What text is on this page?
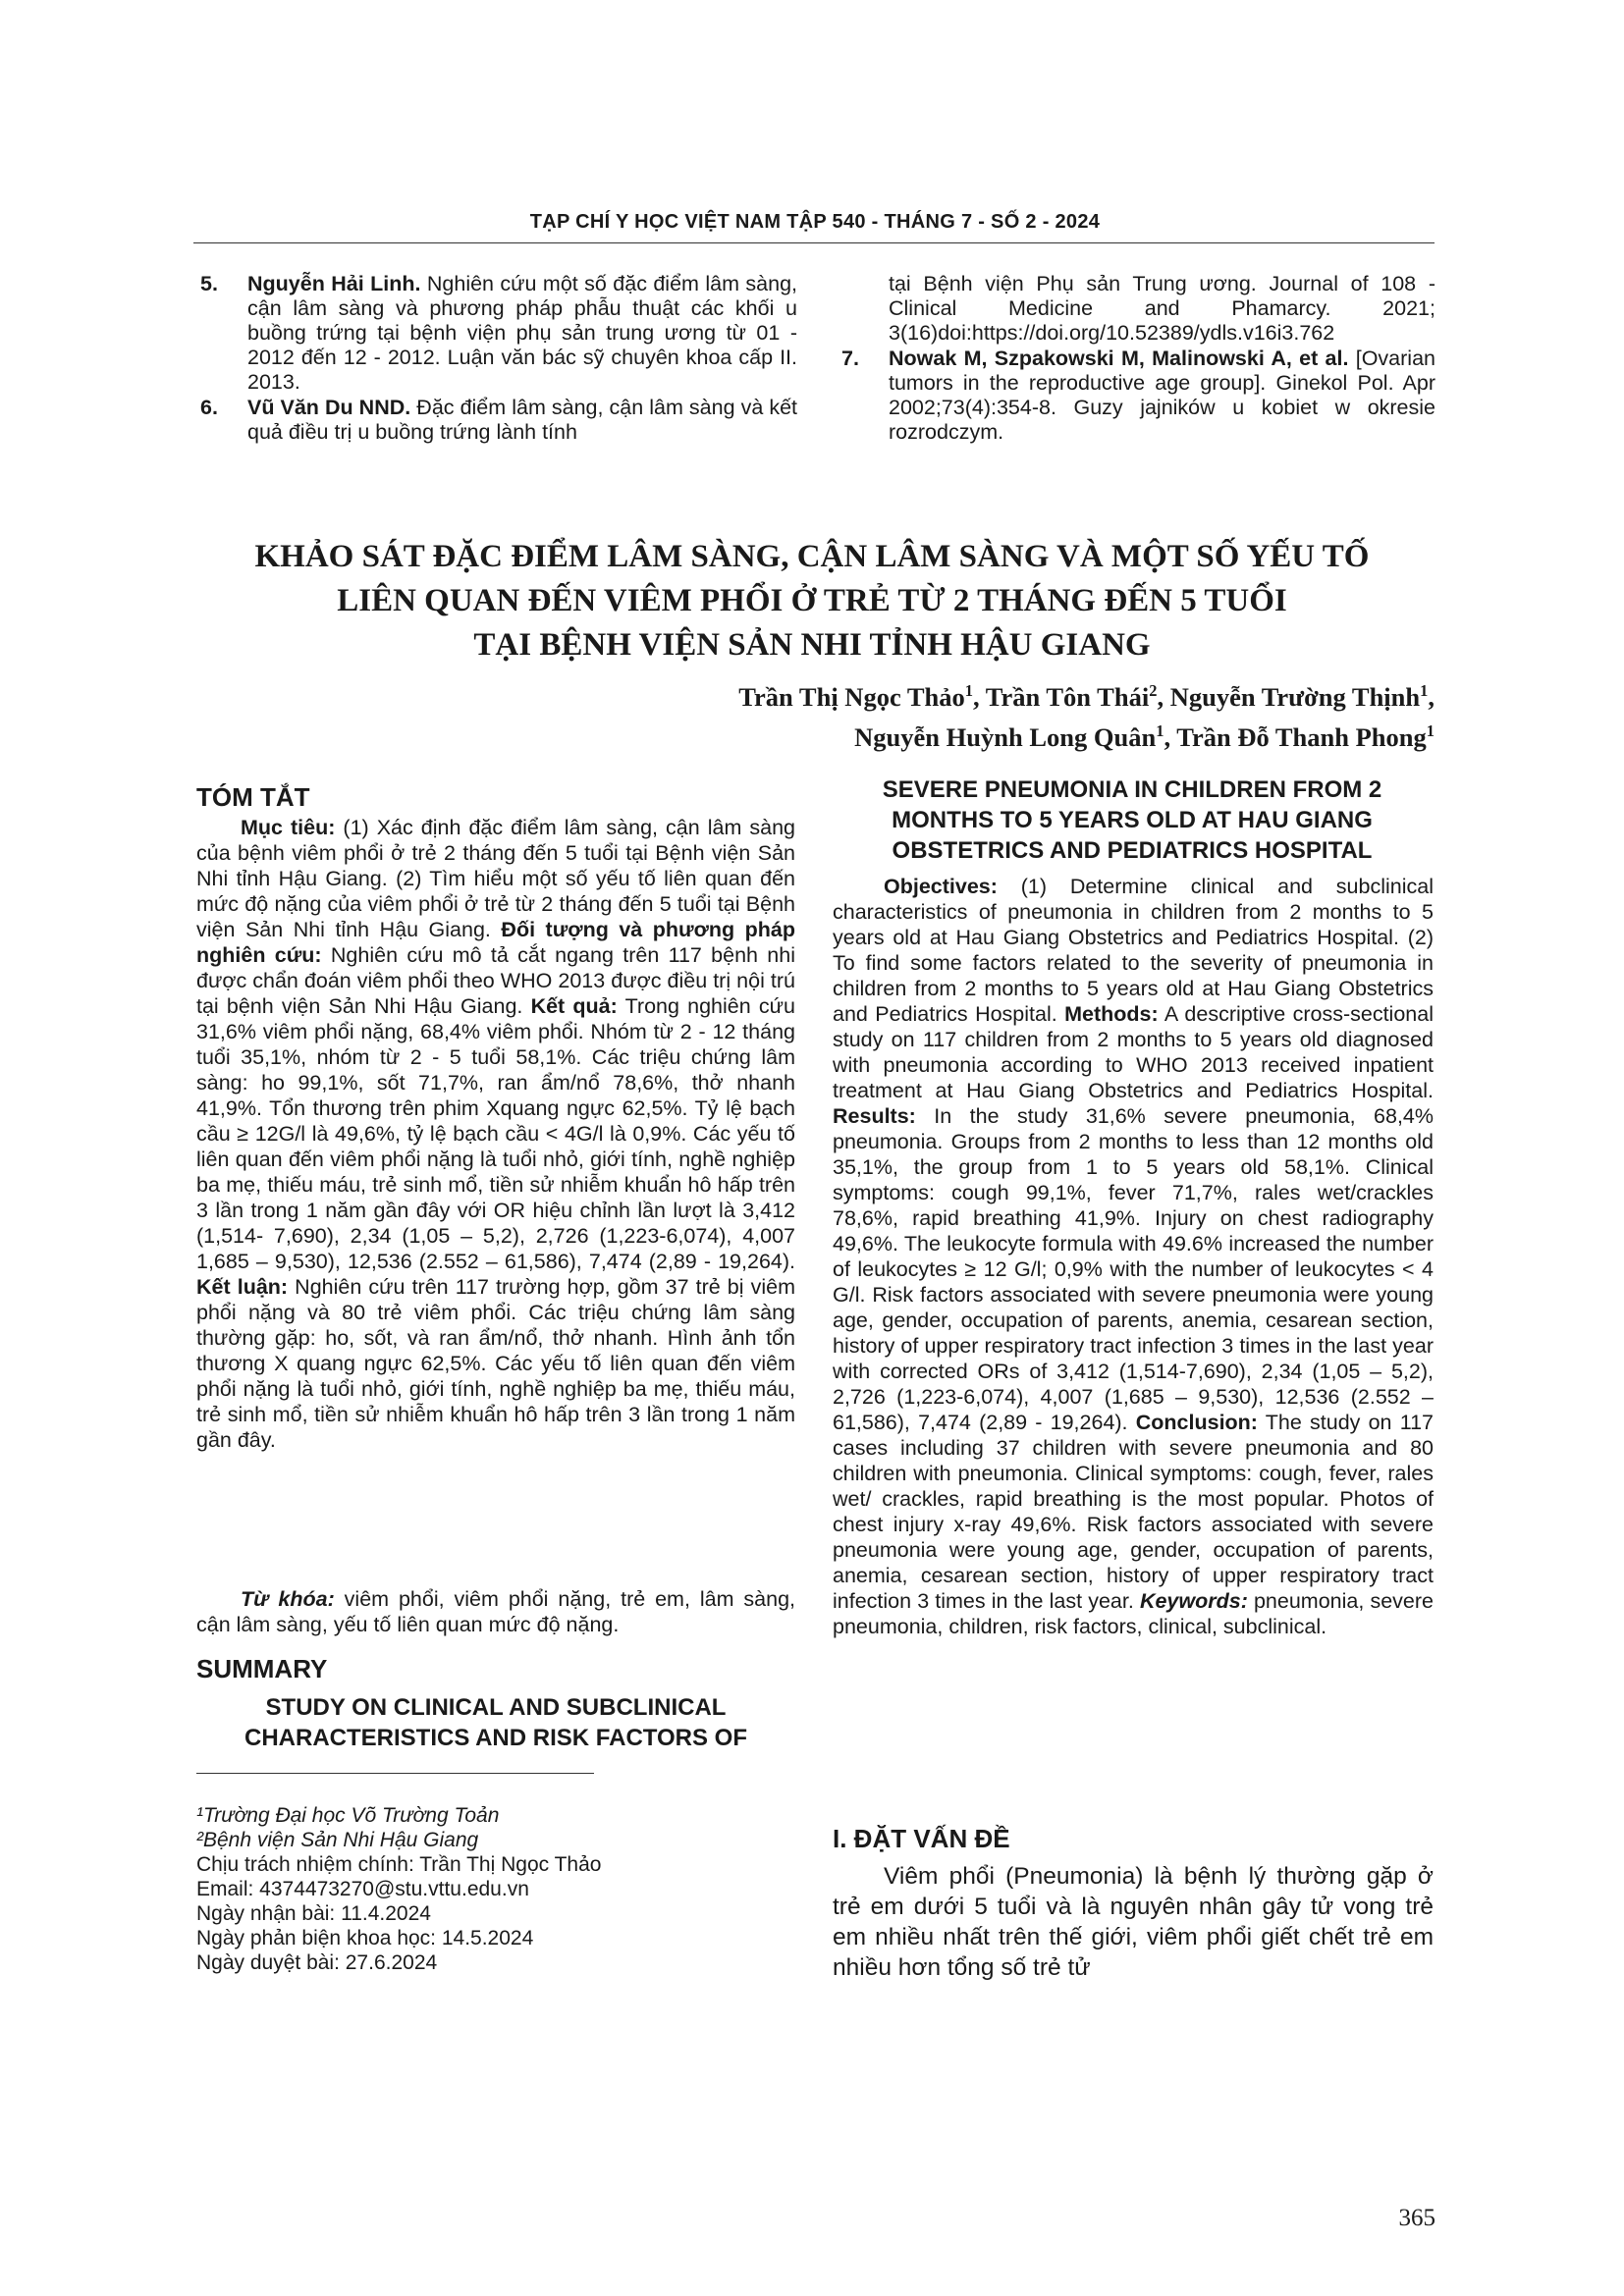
TẠP CHÍ Y HỌC VIỆT NAM TẬP 540 - THÁNG 7 - SỐ 2 - 2024
5. Nguyễn Hải Linh. Nghiên cứu một số đặc điểm lâm sàng, cận lâm sàng và phương pháp phẫu thuật các khối u buồng trứng tại bệnh viện phụ sản trung ương từ 01 - 2012 đến 12 - 2012. Luận văn bác sỹ chuyên khoa cấp II. 2013.
6. Vũ Văn Du NND. Đặc điểm lâm sàng, cận lâm sàng và kết quả điều trị u buồng trứng lành tính
tại Bệnh viện Phụ sản Trung ương. Journal of 108 - Clinical Medicine and Phamarcy. 2021; 3(16)doi:https://doi.org/10.52389/ydls.v16i3.762
7. Nowak M, Szpakowski M, Malinowski A, et al. [Ovarian tumors in the reproductive age group]. Ginekol Pol. Apr 2002;73(4):354-8. Guzy jajników u kobiet w okresie rozrodczym.
KHẢO SÁT ĐẶC ĐIỂM LÂM SÀNG, CẬN LÂM SÀNG VÀ MỘT SỐ YẾU TỐ
LIÊN QUAN ĐẾN VIÊM PHỔI Ở TRẺ TỪ 2 THÁNG ĐẾN 5 TUỔI
TẠI BỆNH VIỆN SẢN NHI TỈNH HẬU GIANG
Trần Thị Ngọc Thảo$^1$, Trần Tôn Thái$^2$, Nguyễn Trường Thịnh$^1$,
Nguyễn Huỳnh Long Quân$^1$, Trần Đỗ Thanh Phong$^1$
TÓM TẮT
Mục tiêu: (1) Xác định đặc điểm lâm sàng, cận lâm sàng của bệnh viêm phổi ở trẻ 2 tháng đến 5 tuổi tại Bệnh viện Sản Nhi tỉnh Hậu Giang. (2) Tìm hiểu một số yếu tố liên quan đến mức độ nặng của viêm phổi ở trẻ từ 2 tháng đến 5 tuổi tại Bệnh viện Sản Nhi tỉnh Hậu Giang. Đối tượng và phương pháp nghiên cứu: Nghiên cứu mô tả cắt ngang trên 117 bệnh nhi được chẩn đoán viêm phổi theo WHO 2013 được điều trị nội trú tại bệnh viện Sản Nhi Hậu Giang. Kết quả: Trong nghiên cứu 31,6% viêm phổi nặng, 68,4% viêm phổi. Nhóm từ 2 - 12 tháng tuổi 35,1%, nhóm từ 2 - 5 tuổi 58,1%. Các triệu chứng lâm sàng: ho 99,1%, sốt 71,7%, ran ẩm/nổ 78,6%, thở nhanh 41,9%. Tổn thương trên phim Xquang ngực 62,5%. Tỷ lệ bạch cầu ≥ 12G/l là 49,6%, tỷ lệ bạch cầu < 4G/l là 0,9%. Các yếu tố liên quan đến viêm phổi nặng là tuổi nhỏ, giới tính, nghề nghiệp ba mẹ, thiếu máu, trẻ sinh mổ, tiền sử nhiễm khuẩn hô hấp trên 3 lần trong 1 năm gần đây với OR hiệu chỉnh lần lượt là 3,412 (1,514- 7,690), 2,34 (1,05 – 5,2), 2,726 (1,223-6,074), 4,007 1,685 – 9,530), 12,536 (2.552 – 61,586), 7,474 (2,89 - 19,264). Kết luận: Nghiên cứu trên 117 trường hợp, gồm 37 trẻ bị viêm phổi nặng và 80 trẻ viêm phổi. Các triệu chứng lâm sàng thường gặp: ho, sốt, và ran ẩm/nổ, thở nhanh. Hình ảnh tổn thương X quang ngực 62,5%. Các yếu tố liên quan đến viêm phổi nặng là tuổi nhỏ, giới tính, nghề nghiệp ba mẹ, thiếu máu, trẻ sinh mổ, tiền sử nhiễm khuẩn hô hấp trên 3 lần trong 1 năm gần đây.
Từ khóa: viêm phổi, viêm phổi nặng, trẻ em, lâm sàng, cận lâm sàng, yếu tố liên quan mức độ nặng.
SUMMARY
STUDY ON CLINICAL AND SUBCLINICAL CHARACTERISTICS AND RISK FACTORS OF
¹Trường Đại học Võ Trường Toản
²Bệnh viện Sản Nhi Hậu Giang
Chịu trách nhiệm chính: Trần Thị Ngọc Thảo
Email: 4374473270@stu.vttu.edu.vn
Ngày nhận bài: 11.4.2024
Ngày phản biện khoa học: 14.5.2024
Ngày duyệt bài: 27.6.2024
SEVERE PNEUMONIA IN CHILDREN FROM 2 MONTHS TO 5 YEARS OLD AT HAU GIANG OBSTETRICS AND PEDIATRICS HOSPITAL
Objectives: (1) Determine clinical and subclinical characteristics of pneumonia in children from 2 months to 5 years old at Hau Giang Obstetrics and Pediatrics Hospital. (2) To find some factors related to the severity of pneumonia in children from 2 months to 5 years old at Hau Giang Obstetrics and Pediatrics Hospital. Methods: A descriptive cross-sectional study on 117 children from 2 months to 5 years old diagnosed with pneumonia according to WHO 2013 received inpatient treatment at Hau Giang Obstetrics and Pediatrics Hospital. Results: In the study 31,6% severe pneumonia, 68,4% pneumonia. Groups from 2 months to less than 12 months old 35,1%, the group from 1 to 5 years old 58,1%. Clinical symptoms: cough 99,1%, fever 71,7%, rales wet/crackles 78,6%, rapid breathing 41,9%. Injury on chest radiography 49,6%. The leukocyte formula with 49.6% increased the number of leukocytes ≥ 12 G/l; 0,9% with the number of leukocytes < 4 G/l. Risk factors associated with severe pneumonia were young age, gender, occupation of parents, anemia, cesarean section, history of upper respiratory tract infection 3 times in the last year with corrected ORs of 3,412 (1,514-7,690), 2,34 (1,05 – 5,2), 2,726 (1,223-6,074), 4,007 (1,685 – 9,530), 12,536 (2.552 – 61,586), 7,474 (2,89 - 19,264). Conclusion: The study on 117 cases including 37 children with severe pneumonia and 80 children with pneumonia. Clinical symptoms: cough, fever, rales wet/ crackles, rapid breathing is the most popular. Photos of chest injury x-ray 49,6%. Risk factors associated with severe pneumonia were young age, gender, occupation of parents, anemia, cesarean section, history of upper respiratory tract infection 3 times in the last year. Keywords: pneumonia, severe pneumonia, children, risk factors, clinical, subclinical.
I. ĐẶT VẤN ĐỀ
Viêm phổi (Pneumonia) là bệnh lý thường gặp ở trẻ em dưới 5 tuổi và là nguyên nhân gây tử vong trẻ em nhiều nhất trên thế giới, viêm phổi giết chết trẻ em nhiều hơn tổng số trẻ tử
365
